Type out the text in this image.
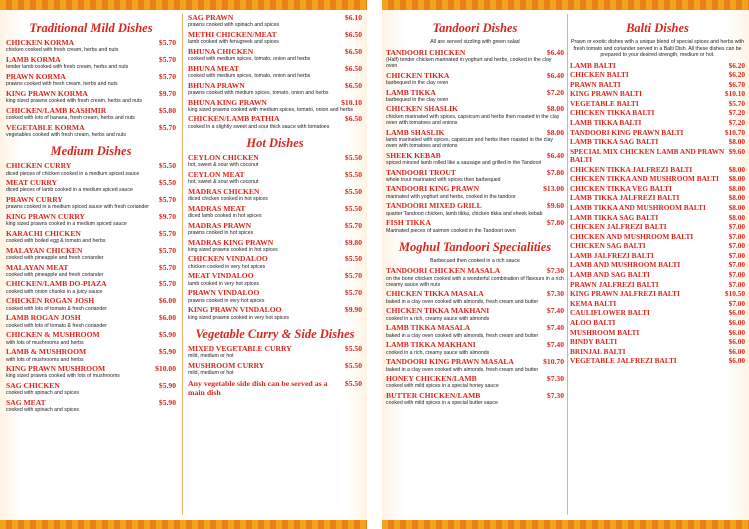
Traditional Mild Dishes
CHICKEN KORMA	$5.70
chicken cooked with fresh cream, herbs and nuts
LAMB KORMA	$5.70
tender lamb cooked with fresh cream, herbs and nuts
PRAWN KORMA	$5.70
prawns cooked with fresh cream, herbs and nuts
KING PRAWN KORMA	$9.70
king sized prawns cooked with fresh cream, herbs and nuts
CHICKEN/LAMB KASHMIR	$5.80
cooked with lots of banana, fresh cream, herbs and nuts
VEGETABLE KORMA	$5.70
vegetables cooked with fresh cream, herbs and nuts
Medium Dishes
CHICKEN CURRY	$5.50
diced pieces of chicken cooked in a medium spiced sauce
MEAT CURRY	$5.50
diced pieces of lamb cooked in a medium spiced sauce
PRAWN CURRY	$5.70
prawns cooked in a medium spiced sauce with fresh coriander
KING PRAWN CURRY	$9.70
king sized prawns cooked in a medium spiced sauce
KARACHI CHICKEN	$5.70
cooked with boiled egg & tomato and herbs
MALAYAN CHICKEN	$5.70
cooked with pineapple and fresh coriander
MALAYAN MEAT	$5.70
cooked with pineapple and fresh coriander
CHICKEN/LAMB DO-PIAZA	$5.70
cooked with onion chunks in a juicy sauce
CHICKEN ROGAN JOSH	$6.00
cooked with lots of tomato & fresh coriander
LAMB ROGAN JOSH	$6.00
cooked with lots of tomato & fresh coriander
CHICKEN & MUSHROOM	$5.90
with lots of mushrooms and herbs
LAMB & MUSHROOM	$5.90
with lots of mushrooms and herbs
KING PRAWN MUSHROOM	$10.00
king sized prawns cooked with lots of mushrooms
SAG CHICKEN	$5.90
cooked with spinach and spices
SAG MEAT	$5.90
cooked with spinach and spices
SAG PRAWN	$6.10
prawns cooked with spinach and spices
METHI CHICKEN/MEAT	$6.50
lamb cooked with fenugreek and spices
BHUNA CHICKEN	$6.50
cooked with medium spices, tomato, onion and herbs
BHUNA MEAT	$6.50
cooked with medium spices, tomato, onion and herbs
BHUNA PRAWN	$6.50
prawns cooked with medium spices, tomato, onion and herbs
BHUNA KING PRAWN	$10.10
king sized prawns cooked with medium spices, tomato, onion and herbs
CHICKEN/LAMB PATHIA	$6.50
cooked in a slightly sweet and sour thick sauce with tomatoes
Hot Dishes
CEYLON CHICKEN	$5.50
hot, sweet & sour with coconut
CEYLON MEAT	$5.50
hot, sweet & sour with coconut
MADRAS CHICKEN	$5.50
diced chicken cooked in hot spices
MADRAS MEAT	$5.50
diced lamb cooked in hot spices
MADRAS PRAWN	$5.70
prawns cooked in hot spices
MADRAS KING PRAWN	$9.80
king sized prawns cooked in hot spices
CHICKEN VINDALOO	$5.50
chicken cooked in very hot spices
MEAT VINDALOO	$5.70
lamb cooked in very hot spices
PRAWN VINDALOO	$5.70
prawns cooked in very hot spices
KING PRAWN VINDALOO	$9.90
king sized prawns cooked in very hot spices
Vegetable Curry & Side Dishes
MIXED VEGETABLE CURRY	$5.50
mild, medium or hot
MUSHROOM CURRY	$5.50
mild, medium or hot
Any vegetable side dish can be served as a main dish
$5.50
Tandoori Dishes
All are served sizzling with green salad
TANDOORI CHICKEN	$6.40
(Half) tender chicken marinated in yoghurt and herbs, cooked in the clay oven
CHICKEN TIKKA	$6.40
barbequed in the clay oven
LAMB TIKKA	$7.20
barbequed in the clay oven
CHICKEN SHASLIK	$8.00
chicken marinated with spices, capsicum and herbs then roasted in the clay oven with tomatoes and onions
LAMB SHASLIK	$8.00
lamb marinated with spices, capsicum and herbs then roasted in the clay oven with tomatoes and onions
SHEEK KEBAB	$6.40
spiced minced lamb rolled like a sausage and grilled in the Tandoori
TANDOORI TROUT	$7.80
whole trout marinated with spices then barbequed
TANDOORI KING PRAWN	$13.00
marinated with yoghurt and herbs, cooked in the tandoor
TANDOORI MIXED GRILL	$9.60
quarter Tandoori chicken, lamb tikka, chicken tikka and sheek kebab
FISH TIKKA	$7.80
Marinated pieces of salmon cooked in the Tandoori oven
Moghul Tandoori Specialities
Barbecued then cooked in a rich sauce
TANDOORI CHICKEN MASALA	$7.30
on the bone chicken cooked with a wonderful combination of flavours in a rich creamy sauce with nuts
CHICKEN TIKKA MASALA	$7.30
baked in a clay oven cooked with almonds, fresh cream and butter
CHICKEN TIKKA MAKHANI	$7.40
cooked in a rich, creamy sauce with almonds
LAMB TIKKA MASALA	$7.40
baked in a clay oven cooked with almonds, fresh cream and butter
LAMB TIKKA MAKHANI	$7.40
cooked in a rich, creamy sauce with almonds
TANDOORI KING PRAWN MASALA	$10.70
baked in a clay oven cooked with almonds, fresh cream and butter
HONEY CHICKEN/LAMB	$7.30
cooked with mild spices in a special honey sauce
BUTTER CHICKEN/LAMB	$7.30
cooked with mild spices in a special butter sauce
Balti Dishes
Prawn or exotic dishes with a unique blend of special spices and herbs with fresh tomato and coriander served in a Balti Dish. All these dishes can be prepared to your desired strength, medium or hot.
LAMB BALTI	$6.20
CHICKEN BALTI	$6.20
PRAWN BALTI	$6.70
KING PRAWN BALTI	$10.10
VEGETABLE BALTI	$5.70
CHICKEN TIKKA BALTI	$7.20
LAMB TIKKA BALTI	$7.20
TANDOORI KING PRAWN BALTI	$10.70
LAMB TIKKA SAG BALTI	$8.00
SPECIAL MIX CHICKEN LAMB AND PRAWN BALTI
$9.60
CHICKEN TIKKA JALFREZI BALTI	$8.00
CHICKEN TIKKA AND MUSHROOM BALTI	$8.00
CHICKEN TIKKA VEG BALTI	$8.00
LAMB TIKKA JALFREZI BALTI	$8.00
LAMB TIKKA AND MUSHROOM BALTI	$8.00
LAMB TIKKA SAG BALTI	$8.00
CHICKEN JALFREZI BALTI	$7.00
CHICKEN AND MUSHROOM BALTI	$7.00
CHICKEN SAG BALTI	$7.00
LAMB JALFREZI BALTI	$7.00
LAMB AND MUSHROOM BALTI	$7.00
LAMB AND SAG BALTI	$7.00
PRAWN JALFREZI BALTI	$7.00
KING PRAWN JALFREZI BALTI	$10.50
KEMA BALTI	$7.00
CAULIFLOWER BALTI	$6.00
ALOO BALTI	$6.00
MUSHROOM BALTI	$6.00
BINDY BALTI	$6.00
BRINJAL BALTI	$6.00
VEGETABLE JALFREZI BALTI	$6.00
